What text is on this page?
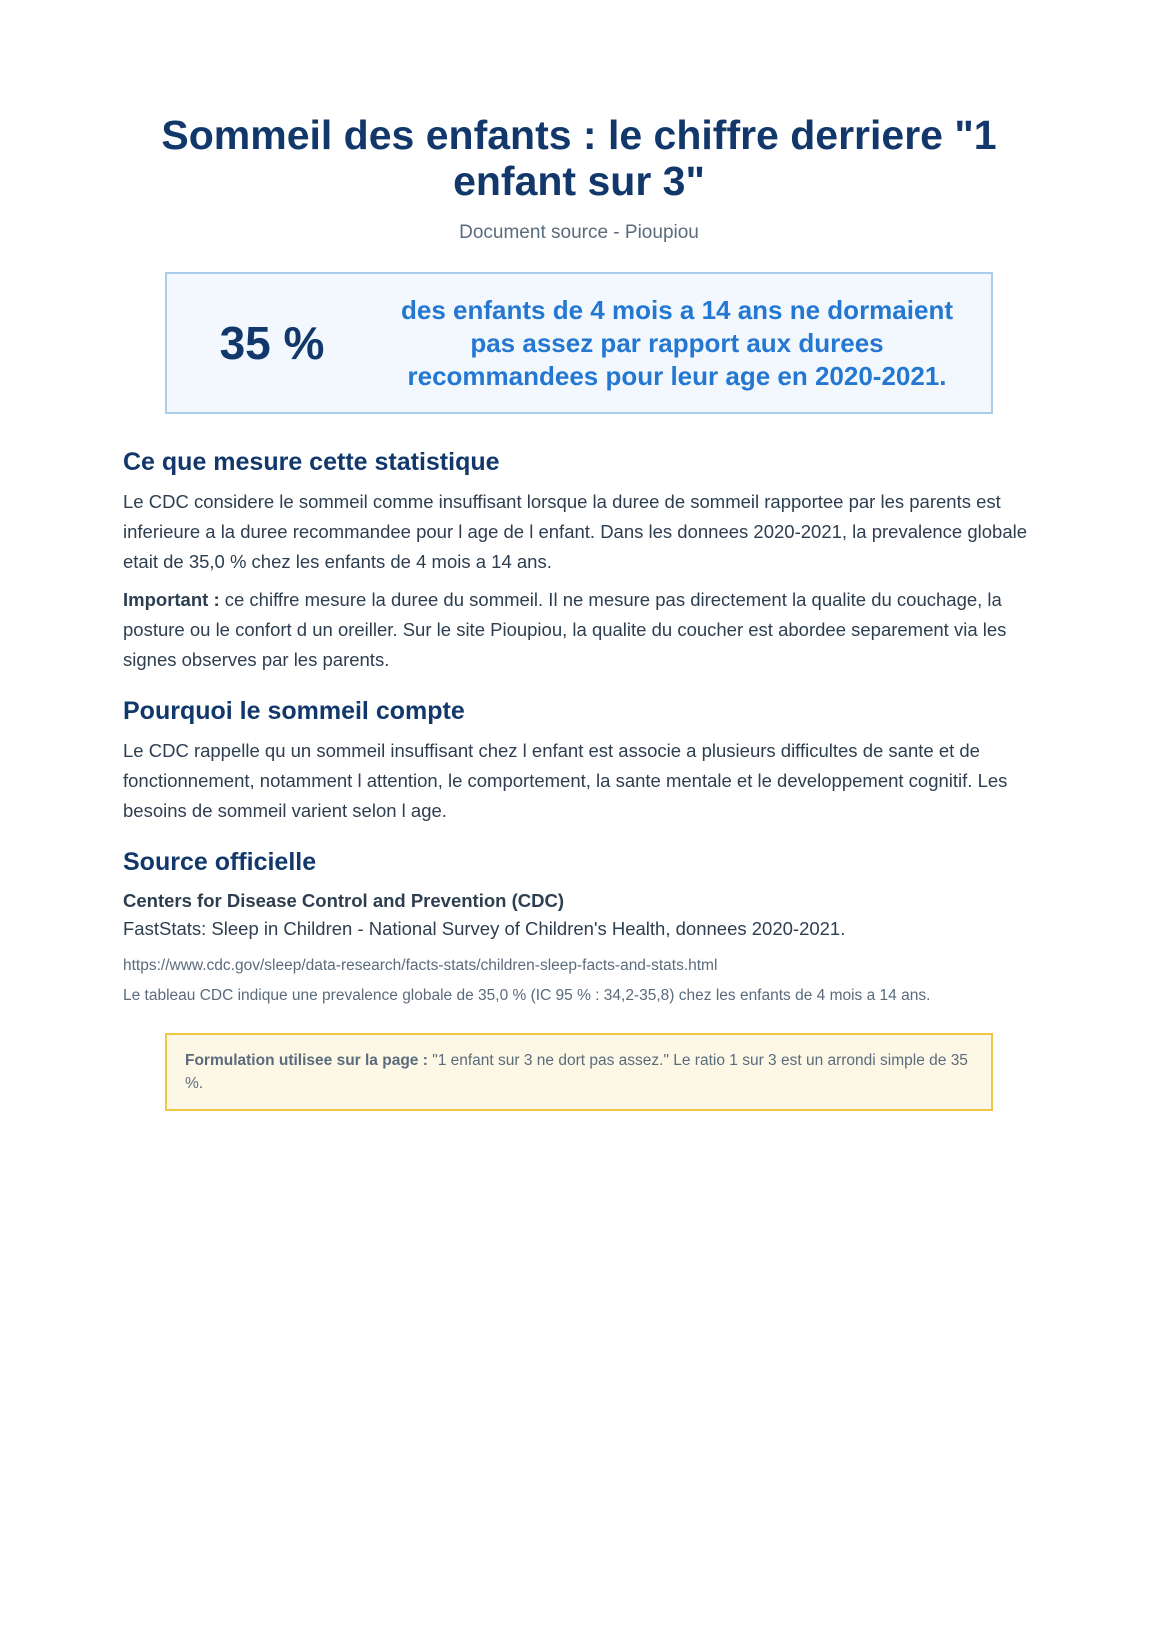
Sommeil des enfants : le chiffre derriere "1 enfant sur 3"
Document source - Pioupiou
35 %
des enfants de 4 mois a 14 ans ne dormaient pas assez par rapport aux durees recommandees pour leur age en 2020-2021.
Ce que mesure cette statistique

Le CDC considere le sommeil comme insuffisant lorsque la duree de sommeil rapportee par les parents est inferieure a la duree recommandee pour l age de l enfant. Dans les donnees 2020-2021, la prevalence globale etait de 35,0 % chez les enfants de 4 mois a 14 ans.

Important : ce chiffre mesure la duree du sommeil. Il ne mesure pas directement la qualite du couchage, la posture ou le confort d un oreiller. Sur le site Pioupiou, la qualite du coucher est abordee separement via les signes observes par les parents.

Pourquoi le sommeil compte

Le CDC rappelle qu un sommeil insuffisant chez l enfant est associe a plusieurs difficultes de sante et de fonctionnement, notamment l attention, le comportement, la sante mentale et le developpement cognitif. Les besoins de sommeil varient selon l age.

Source officielle
Centers for Disease Control and Prevention (CDC)
FastStats: Sleep in Children - National Survey of Children's Health, donnees 2020-2021.
https://www.cdc.gov/sleep/data-research/facts-stats/children-sleep-facts-and-stats.html
Le tableau CDC indique une prevalence globale de 35,0 % (IC 95 % : 34,2-35,8) chez les enfants de 4 mois a 14 ans.
Formulation utilisee sur la page : "1 enfant sur 3 ne dort pas assez." Le ratio 1 sur 3 est un arrondi simple de 35 %.
